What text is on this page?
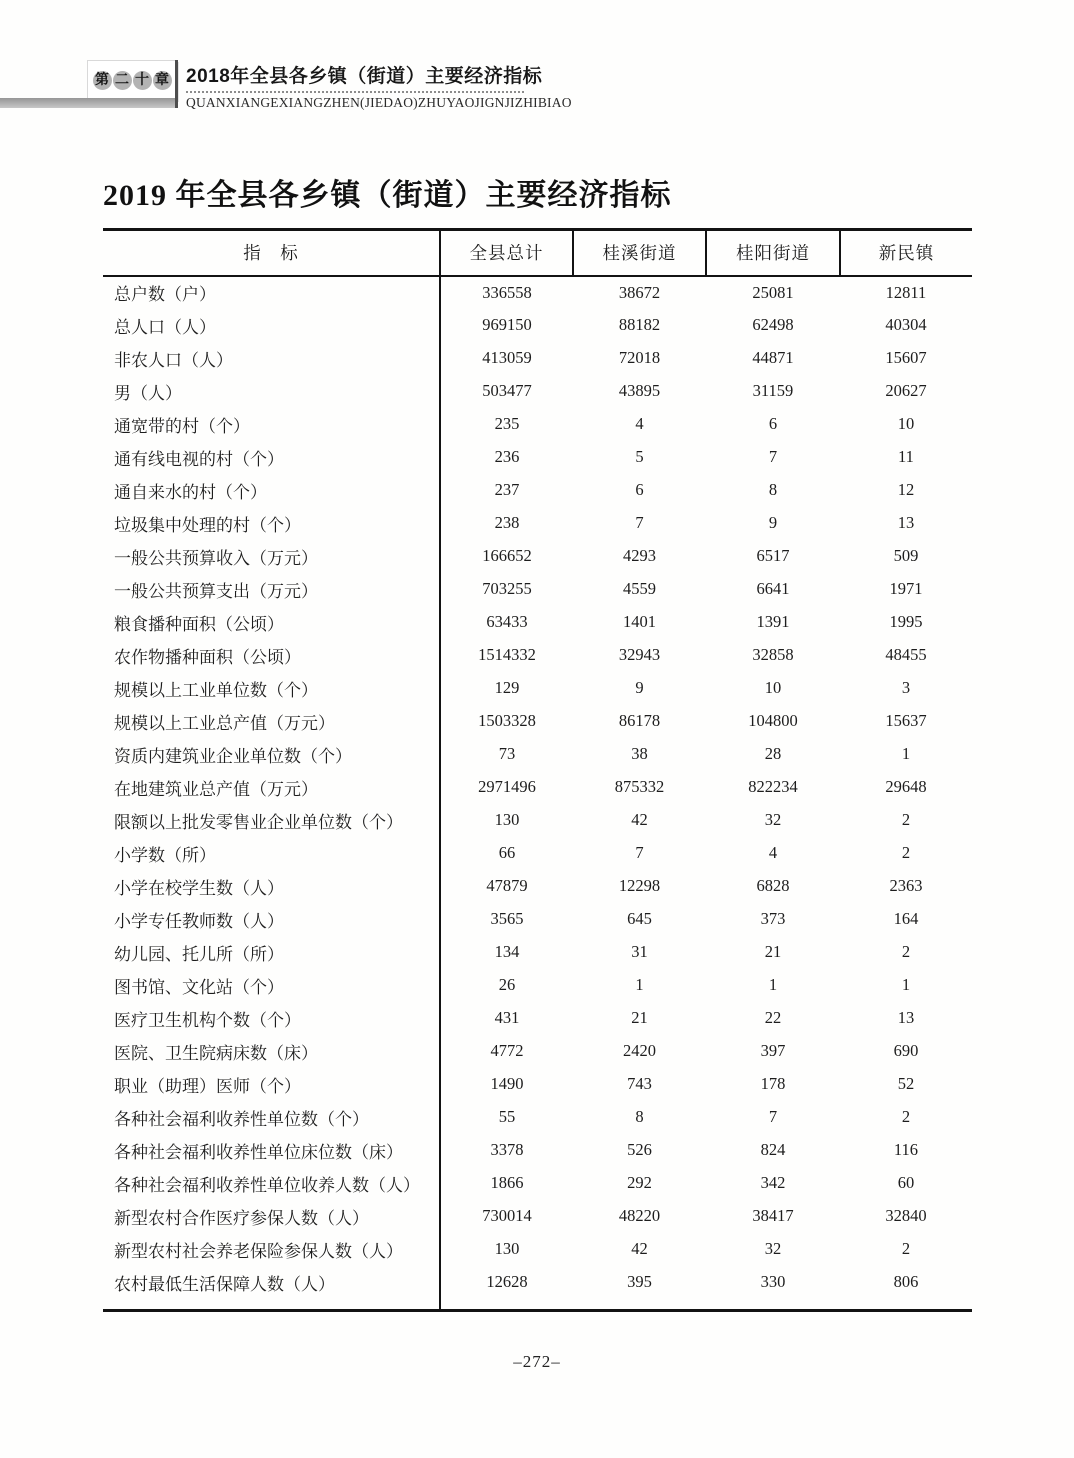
第 二 十 章 2018年全县各乡镇（街道）主要经济指标
QUANXIANGEXIANGZHEN(JIEDAO)ZHUYAOJIGNJIZHIBIAO
2019 年全县各乡镇（街道）主要经济指标
指　标	全县总计	桂溪街道	桂阳街道	新民镇
总户数（户）	336558	38672	25081	12811
总人口（人）	969150	88182	62498	40304
非农人口（人）	413059	72018	44871	15607
男（人）	503477	43895	31159	20627
通宽带的村（个）	235	4	6	10
通有线电视的村（个）	236	5	7	11
通自来水的村（个）	237	6	8	12
垃圾集中处理的村（个）	238	7	9	13
一般公共预算收入（万元）	166652	4293	6517	509
一般公共预算支出（万元）	703255	4559	6641	1971
粮食播种面积（公顷）	63433	1401	1391	1995
农作物播种面积（公顷）	1514332	32943	32858	48455
规模以上工业单位数（个）	129	9	10	3
规模以上工业总产值（万元）	1503328	86178	104800	15637
资质内建筑业企业单位数（个）	73	38	28	1
在地建筑业总产值（万元）	2971496	875332	822234	29648
限额以上批发零售业企业单位数（个）	130	42	32	2
小学数（所）	66	7	4	2
小学在校学生数（人）	47879	12298	6828	2363
小学专任教师数（人）	3565	645	373	164
幼儿园、托儿所（所）	134	31	21	2
图书馆、文化站（个）	26	1	1	1
医疗卫生机构个数（个）	431	21	22	13
医院、卫生院病床数（床）	4772	2420	397	690
职业（助理）医师（个）	1490	743	178	52
各种社会福利收养性单位数（个）	55	8	7	2
各种社会福利收养性单位床位数（床）	3378	526	824	116
各种社会福利收养性单位收养人数（人）	1866	292	342	60
新型农村合作医疗参保人数（人）	730014	48220	38417	32840
新型农村社会养老保险参保人数（人）	130	42	32	2
农村最低生活保障人数（人）	12628	395	330	806

–272–
